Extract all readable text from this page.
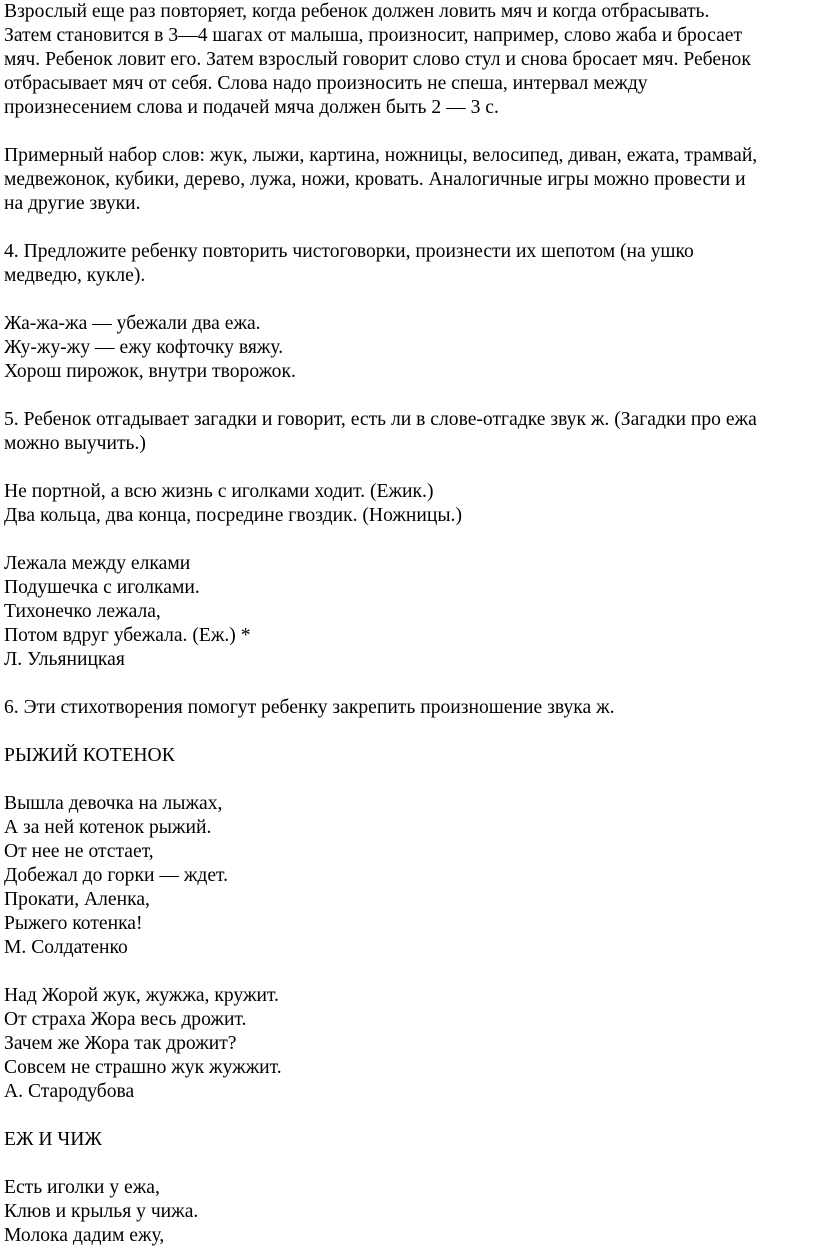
Взрослый еще раз повторяет, когда ребенок должен ловить мяч и когда отбрасывать.
Затем становится в 3—4 шагах от малыша, произносит, например, слово жаба и бросает
мяч. Ребенок ловит его. Затем взрослый говорит слово стул и снова бросает мяч. Ребенок
отбрасывает мяч от себя. Слова надо произносить не спеша, интервал между
произнесением слова и подачей мяча должен быть 2 — 3 с.
Примерный набор слов: жук, лыжи, картина, ножницы, велосипед, диван, ежата, трамвай,
медвежонок, кубики, дерево, лужа, ножи, кровать. Аналогичные игры можно провести и
на другие звуки.
4. Предложите ребенку повторить чистоговорки, произнести их шепотом (на ушко
медведю, кукле).
Жа-жа-жа — убежали два ежа.
Жу-жу-жу — ежу кофточку вяжу.
Хорош пирожок, внутри творожок.
5. Ребенок отгадывает загадки и говорит, есть ли в слове-отгадке звук ж. (Загадки про ежа
можно выучить.)
Не портной, а всю жизнь с иголками ходит. (Ежик.)
Два кольца, два конца, посредине гвоздик. (Ножницы.)
Лежала между елками
Подушечка с иголками.
Тихонечко лежала,
Потом вдруг убежала. (Еж.) *
Л. Ульяницкая
6. Эти стихотворения помогут ребенку закрепить произношение звука ж.
РЫЖИЙ КОТЕНОК
Вышла девочка на лыжах,
А за ней котенок рыжий.
От нее не отстает,
Добежал до горки — ждет.
Прокати, Аленка,
Рыжего котенка!
М. Солдатенко
Над Жорой жук, жужжа, кружит.
От страха Жора весь дрожит.
Зачем же Жора так дрожит?
Совсем не страшно жук жужжит.
А. Стародубова
ЕЖ И ЧИЖ
Есть иголки у ежа,
Клюв и крылья у чижа.
Молока дадим ежу,
